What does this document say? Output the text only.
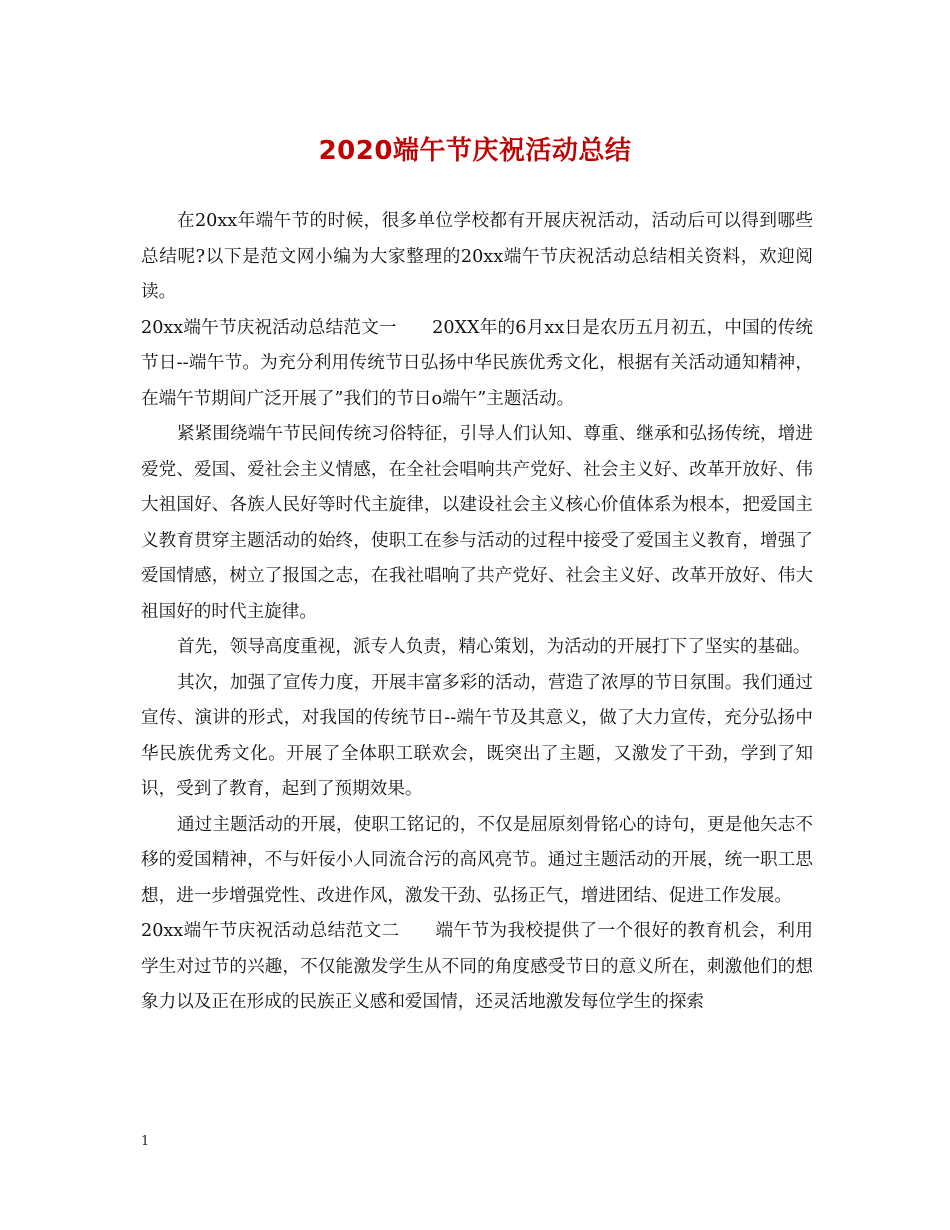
2020端午节庆祝活动总结

在20xx年端午节的时候，很多单位学校都有开展庆祝活动，活动后可以得到哪些总结呢?以下是范文网小编为大家整理的20xx端午节庆祝活动总结相关资料，欢迎阅读。

20xx端午节庆祝活动总结范文一　　20XX年的6月xx日是农历五月初五，中国的传统节日--端午节。为充分利用传统节日弘扬中华民族优秀文化，根据有关活动通知精神，在端午节期间广泛开展了”我们的节日o端午”主题活动。

紧紧围绕端午节民间传统习俗特征，引导人们认知、尊重、继承和弘扬传统，增进爱党、爱国、爱社会主义情感，在全社会唱响共产党好、社会主义好、改革开放好、伟大祖国好、各族人民好等时代主旋律，以建设社会主义核心价值体系为根本，把爱国主义教育贯穿主题活动的始终，使职工在参与活动的过程中接受了爱国主义教育，增强了爱国情感，树立了报国之志，在我社唱响了共产党好、社会主义好、改革开放好、伟大祖国好的时代主旋律。

首先，领导高度重视，派专人负责，精心策划，为活动的开展打下了坚实的基础。

其次，加强了宣传力度，开展丰富多彩的活动，营造了浓厚的节日氛围。我们通过宣传、演讲的形式，对我国的传统节日--端午节及其意义，做了大力宣传，充分弘扬中华民族优秀文化。开展了全体职工联欢会，既突出了主题，又激发了干劲，学到了知识，受到了教育，起到了预期效果。

通过主题活动的开展，使职工铭记的，不仅是屈原刻骨铭心的诗句，更是他矢志不移的爱国精神，不与奸佞小人同流合污的高风亮节。通过主题活动的开展，统一职工思想，进一步增强党性、改进作风，激发干劲、弘扬正气，增进团结、促进工作发展。

20xx端午节庆祝活动总结范文二　　端午节为我校提供了一个很好的教育机会，利用学生对过节的兴趣，不仅能激发学生从不同的角度感受节日的意义所在，刺激他们的想象力以及正在形成的民族正义感和爱国情，还灵活地激发每位学生的探索

1
